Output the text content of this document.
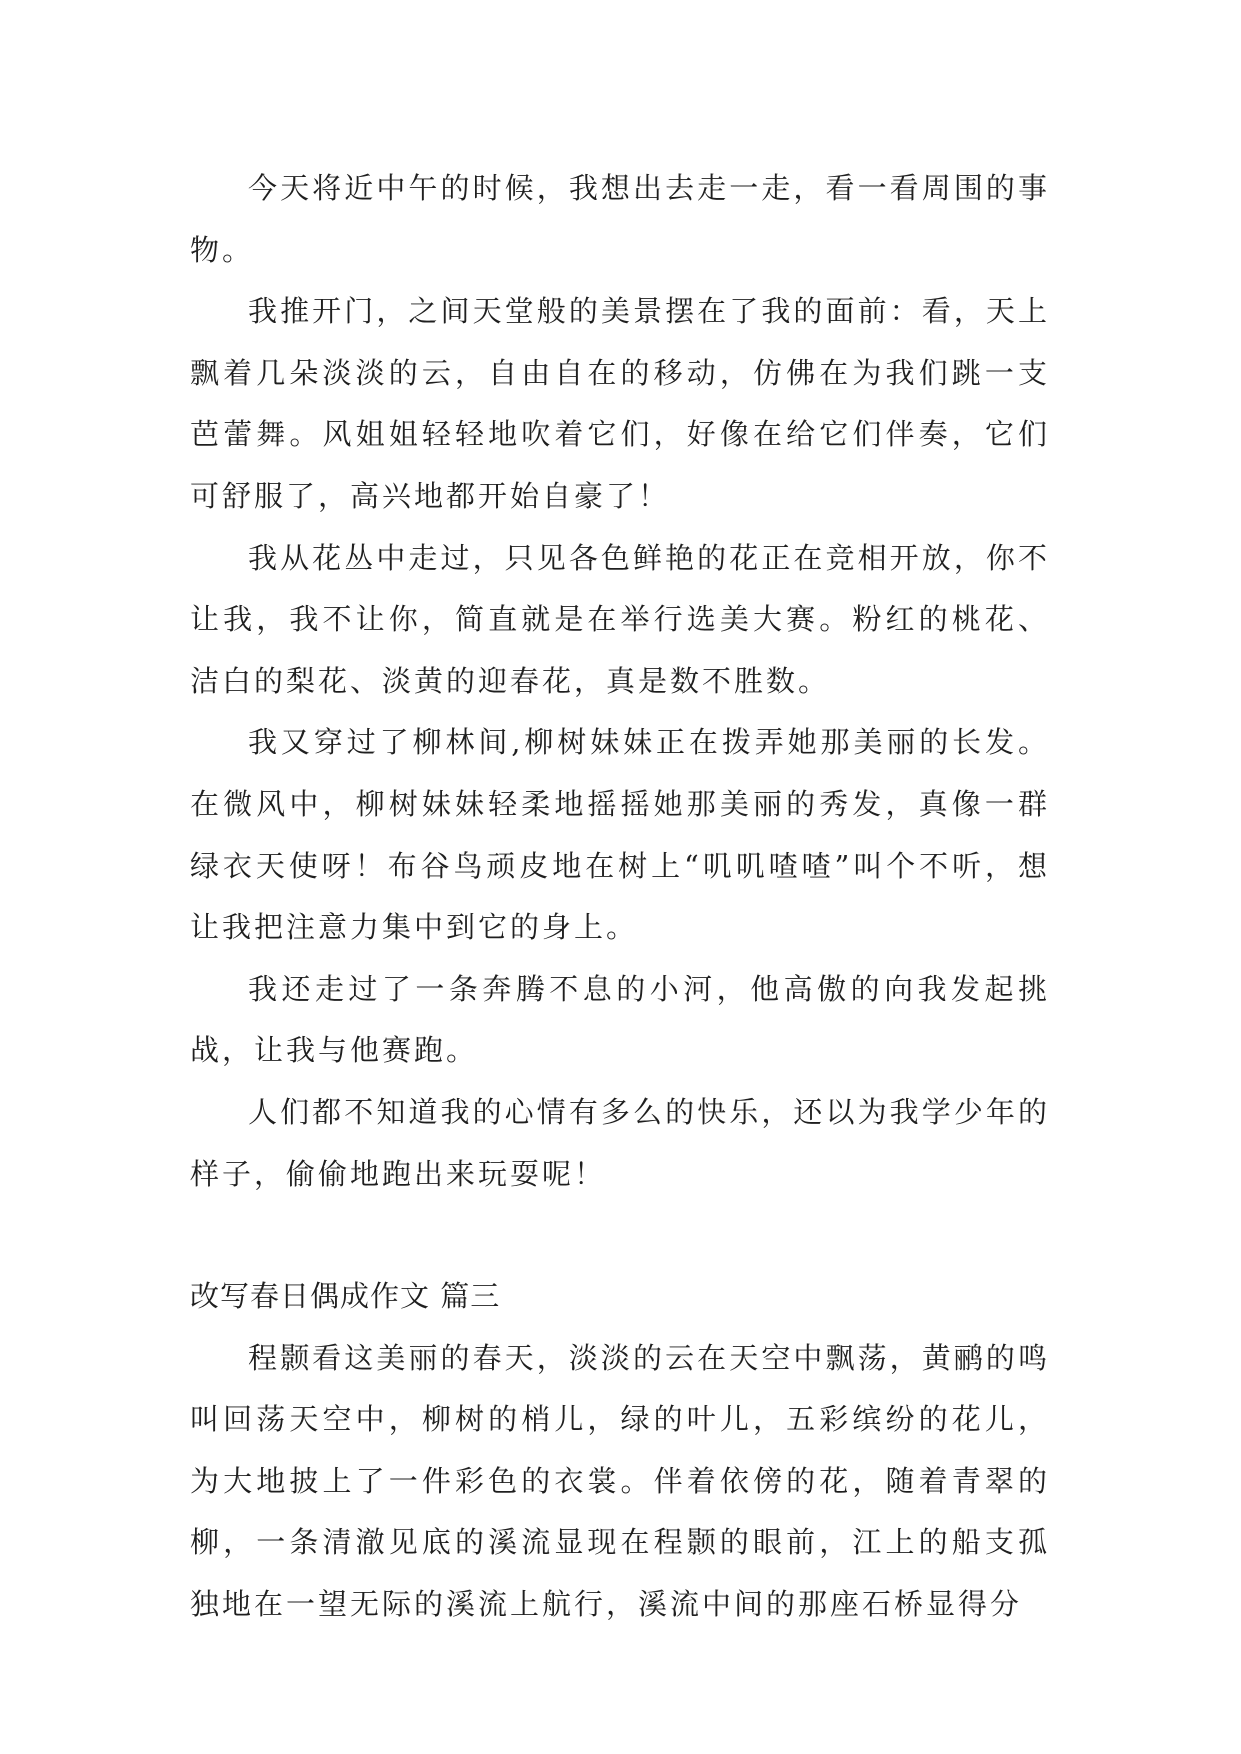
今天将近中午的时候，我想出去走一走，看一看周围的事物。

我推开门，之间天堂般的美景摆在了我的面前：看，天上飘着几朵淡淡的云，自由自在的移动，仿佛在为我们跳一支芭蕾舞。风姐姐轻轻地吹着它们，好像在给它们伴奏，它们可舒服了，高兴地都开始自豪了！

我从花丛中走过，只见各色鲜艳的花正在竞相开放，你不让我，我不让你，简直就是在举行选美大赛。粉红的桃花、洁白的梨花、淡黄的迎春花，真是数不胜数。

我又穿过了柳林间,柳树妹妹正在拨弄她那美丽的长发。在微风中，柳树妹妹轻柔地摇摇她那美丽的秀发，真像一群绿衣天使呀！布谷鸟顽皮地在树上“叽叽喳喳”叫个不听，想让我把注意力集中到它的身上。

我还走过了一条奔腾不息的小河，他高傲的向我发起挑战，让我与他赛跑。

人们都不知道我的心情有多么的快乐，还以为我学少年的样子，偷偷地跑出来玩耍呢！

改写春日偶成作文 篇三

程颢看这美丽的春天，淡淡的云在天空中飘荡，黄鹂的鸣叫回荡天空中，柳树的梢儿，绿的叶儿，五彩缤纷的花儿，为大地披上了一件彩色的衣裳。伴着依傍的花，随着青翠的柳，一条清澈见底的溪流显现在程颢的眼前，江上的船支孤独地在一望无际的溪流上航行，溪流中间的那座石桥显得分
